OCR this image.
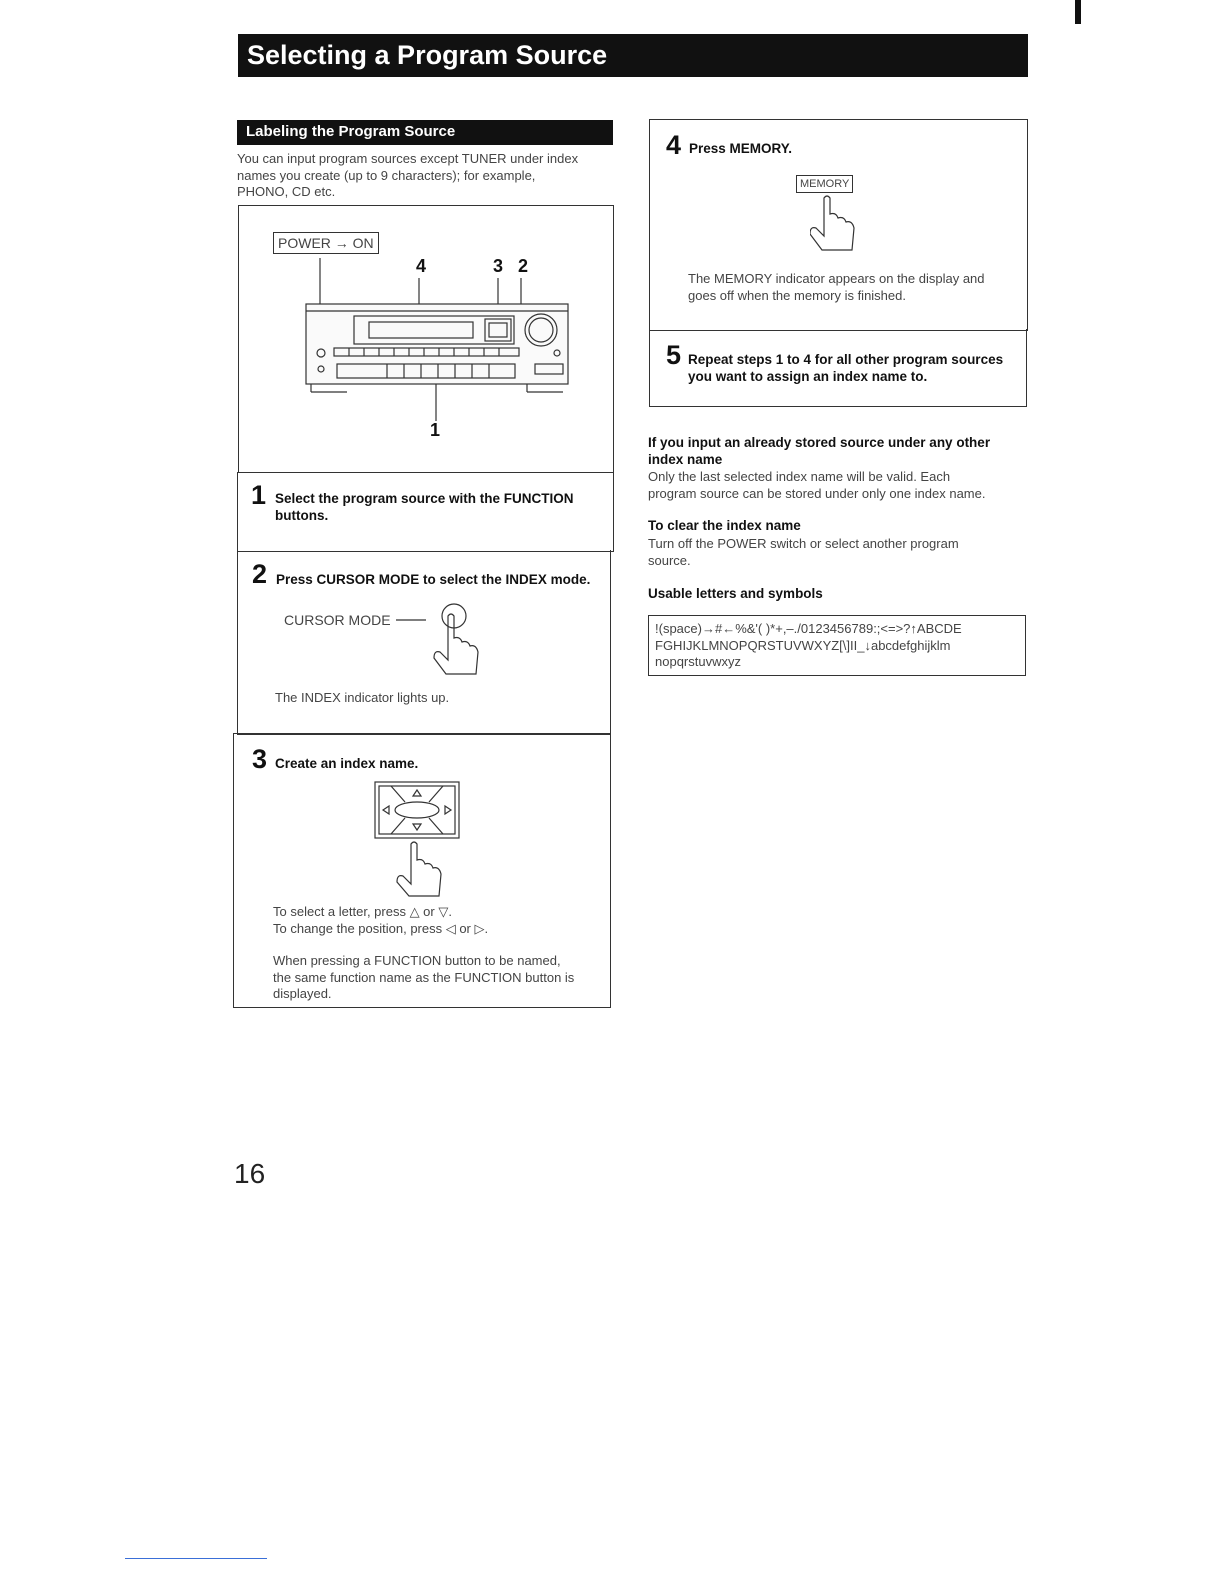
Selecting a Program Source
Labeling the Program Source
You can input program sources except TUNER under index
names you create (up to 9 characters); for example,
PHONO, CD etc.
POWER → ON
4	3 2
1
1 Select the program source with the FUNCTION
buttons.
2 Press CURSOR MODE to select the INDEX mode.
CURSOR MODE
The INDEX indicator lights up.
3 Create an index name.
To select a letter, press △ or ▽.
To change the position, press ◁ or ▷.
When pressing a FUNCTION button to be named,
the same function name as the FUNCTION button is
displayed.
4 Press MEMORY.
MEMORY
The MEMORY indicator appears on the display and
goes off when the memory is finished.
5 Repeat steps 1 to 4 for all other program sources
you want to assign an index name to.
If you input an already stored source under any other
index name
Only the last selected index name will be valid. Each
program source can be stored under only one index name.
To clear the index name
Turn off the POWER switch or select another program
source.
Usable letters and symbols
!(space)→#←%&'( )*+,–./0123456789:;<=>?↑ABCDE
FGHIJKLMNOPQRSTUVWXYZ[\]II_↓abcdefghijklm
nopqrstuvwxyz
16
